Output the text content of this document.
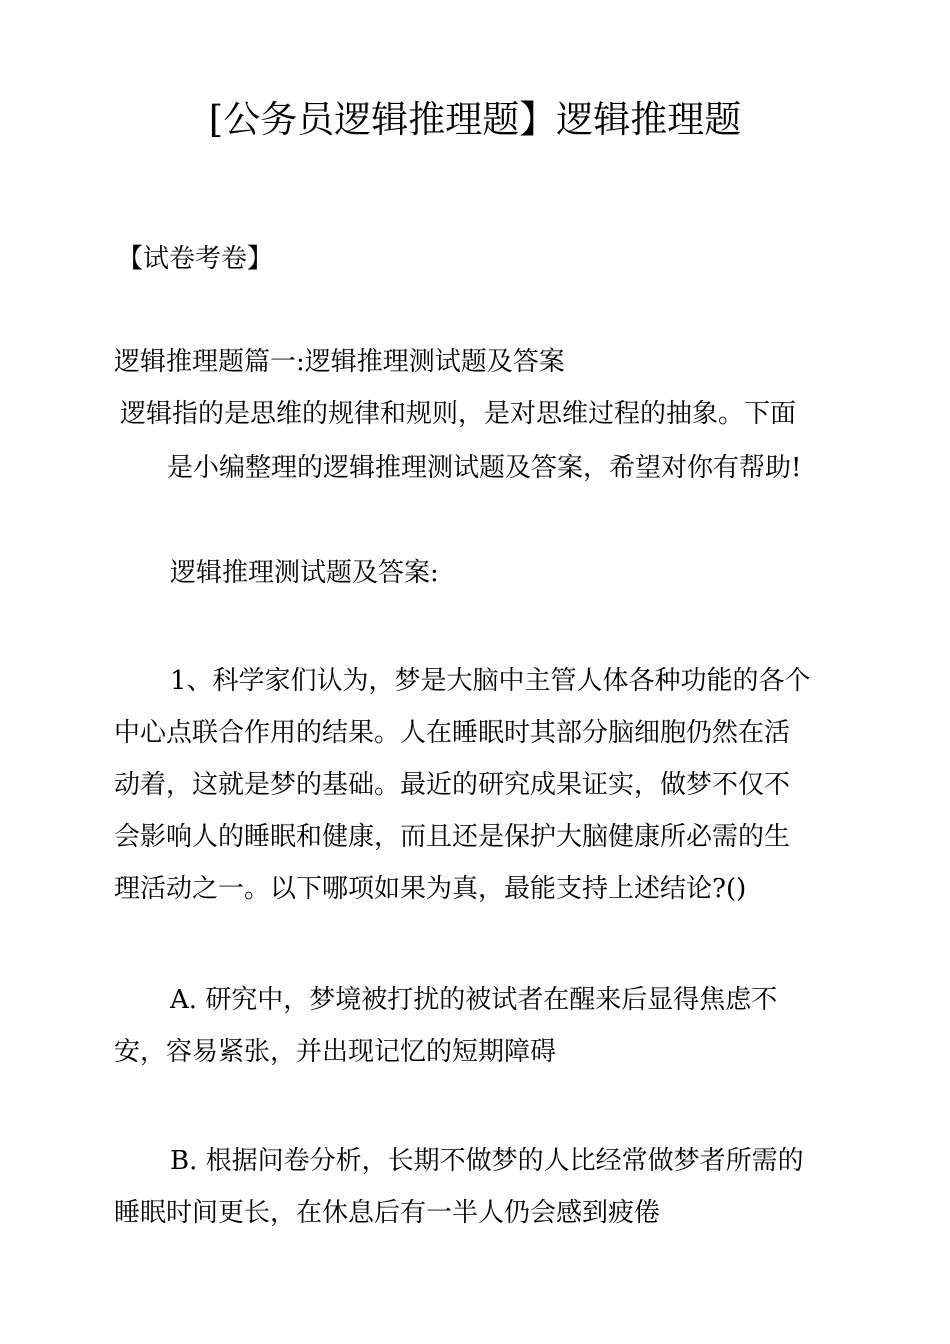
[公务员逻辑推理题】逻辑推理题
【试卷考卷】
逻辑推理题篇一:逻辑推理测试题及答案
逻辑指的是思维的规律和规则，是对思维过程的抽象。下面
是小编整理的逻辑推理测试题及答案，希望对你有帮助!
逻辑推理测试题及答案:
1、科学家们认为，梦是大脑中主管人体各种功能的各个
中心点联合作用的结果。人在睡眠时其部分脑细胞仍然在活
动着，这就是梦的基础。最近的研究成果证实，做梦不仅不
会影响人的睡眠和健康，而且还是保护大脑健康所必需的生
理活动之一。以下哪项如果为真，最能支持上述结论?()
A. 研究中，梦境被打扰的被试者在醒来后显得焦虑不
安，容易紧张，并出现记忆的短期障碍
B. 根据问卷分析，长期不做梦的人比经常做梦者所需的
睡眠时间更长，在休息后有一半人仍会感到疲倦
